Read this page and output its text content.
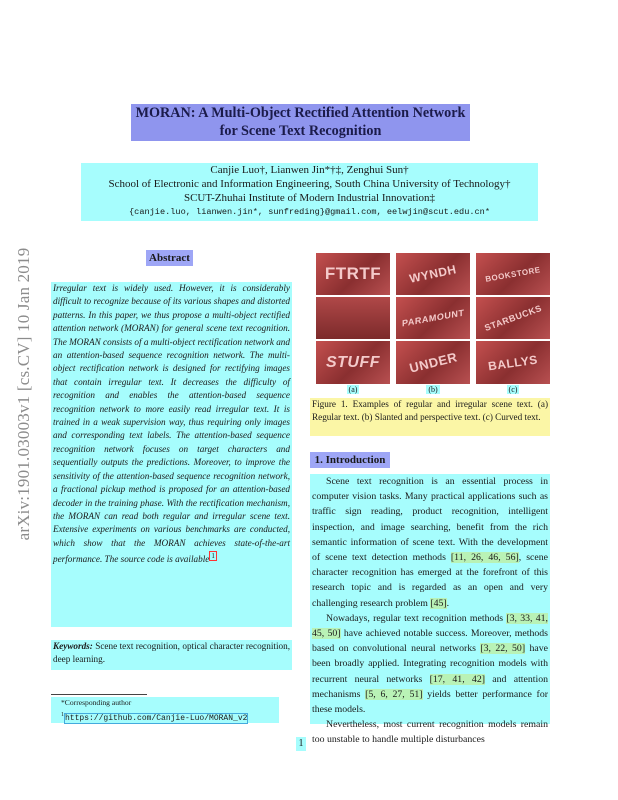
MORAN: A Multi-Object Rectified Attention Network
for Scene Text Recognition
Canjie Luo†, Lianwen Jin*†‡, Zenghui Sun†
School of Electronic and Information Engineering, South China University of Technology†
SCUT-Zhuhai Institute of Modern Industrial Innovation‡
{canjie.luo, lianwen.jin*, sunfreding}@gmail.com, eelwjin@scut.edu.cn*
arXiv:1901.03003v1 [cs.CV] 10 Jan 2019	Abstract
Irregular text is widely used. However, it is considerably difficult to recognize because of its various shapes and distorted patterns. In this paper, we thus propose a multi-object rectified attention network (MORAN) for general scene text recognition. The MORAN consists of a multi-object rectification network and an attention-based sequence recognition network. The multi-object rectification network is designed for rectifying images that contain irregular text. It decreases the difficulty of recognition and enables the attention-based sequence recognition network to more easily read irregular text. It is trained in a weak supervision way, thus requiring only images and corresponding text labels. The attention-based sequence recognition network focuses on target characters and sequentially outputs the predictions. Moreover, to improve the sensitivity of the attention-based sequence recognition network, a fractional pickup method is proposed for an attention-based decoder in the training phase. With the rectification mechanism, the MORAN can read both regular and irregular scene text. Extensive experiments on various benchmarks are conducted, which show that the MORAN achieves state-of-the-art performance. The source code is available $^1$
Keywords: Scene text recognition, optical character recognition, deep learning.
*Corresponding author
$^1$https://github.com/Canjie-Luo/MORAN_v2
FTRTF
STUFF
WYNDH
PARAMOUNT
UNDER
BOOKSTORE
STARBUCKS
BALLYS
(a)	(b)	(c)
Figure 1. Examples of regular and irregular scene text. (a) Regular text. (b) Slanted and perspective text. (c) Curved text.
1. Introduction

Scene text recognition is an essential process in computer vision tasks. Many practical applications such as traffic sign reading, product recognition, intelligent inspection, and image searching, benefit from the rich semantic information of scene text. With the development of scene text detection methods [11, 26, 46, 56], scene character recognition has emerged at the forefront of this research topic and is regarded as an open and very challenging research problem [45].

Nowadays, regular text recognition methods [3, 33, 41, 45, 50] have achieved notable success. Moreover, methods based on convolutional neural networks [3, 22, 50] have been broadly applied. Integrating recognition models with recurrent neural networks [17, 41, 42] and attention mechanisms [5, 6, 27, 51] yields better performance for these models.

Nevertheless, most current recognition models remain too unstable to handle multiple disturbances

1
